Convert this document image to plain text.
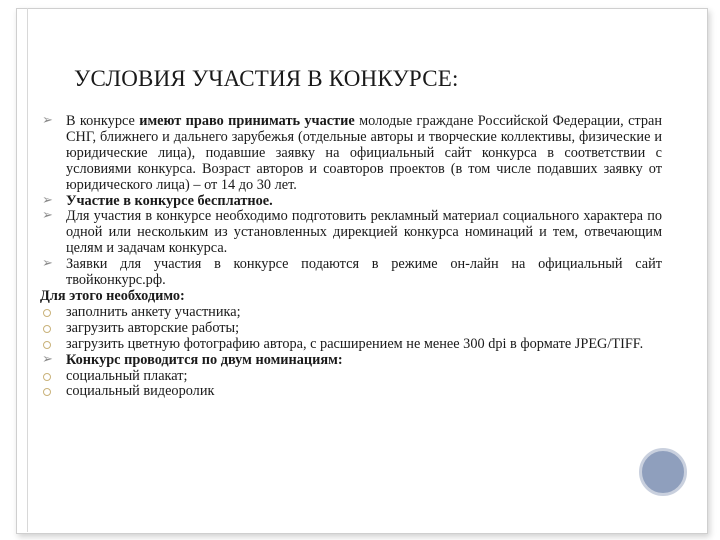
УСЛОВИЯ УЧАСТИЯ В КОНКУРСЕ:
➢
В конкурсе имеют право принимать участие молодые граждане Российской Федерации, стран СНГ, ближнего и дальнего зарубежья (отдельные авторы и творческие коллективы, физические и юридические лица), подавшие заявку на официальный сайт конкурса в соответствии с условиями конкурса. Возраст авторов и соавторов проектов (в том числе подавших заявку от юридического лица) – от 14 до 30 лет.
➢
Участие в конкурсе бесплатное.
➢
Для участия в конкурсе необходимо подготовить рекламный материал социального характера по одной или нескольким из установленных дирекцией конкурса номинаций и тем, отвечающим целям и задачам конкурса.
➢
Заявки для участия в конкурсе подаются в режиме он-лайн на официальный сайт твойконкурс.рф.
Для этого необходимо:
заполнить анкету участника;
загрузить авторские работы;
загрузить цветную фотографию автора, с расширением не менее 300 dpi в формате JPEG/TIFF.
➢
Конкурс проводится по двум номинациям:
социальный плакат;
социальный видеоролик
